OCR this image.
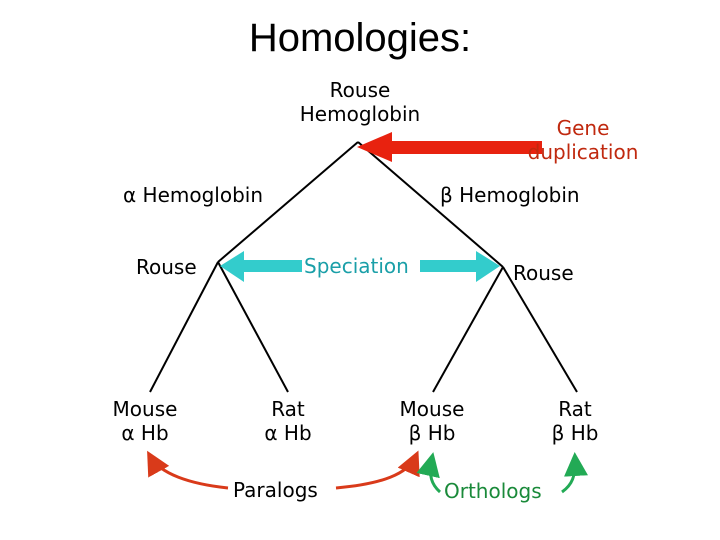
Homologies:
Rouse
Hemoglobin
Gene
duplication
α Hemoglobin	β Hemoglobin
Rouse	Speciation	Rouse
Mouse
α Hb
Rat
α Hb
Mouse
β Hb
Rat
β Hb
Paralogs	Orthologs
